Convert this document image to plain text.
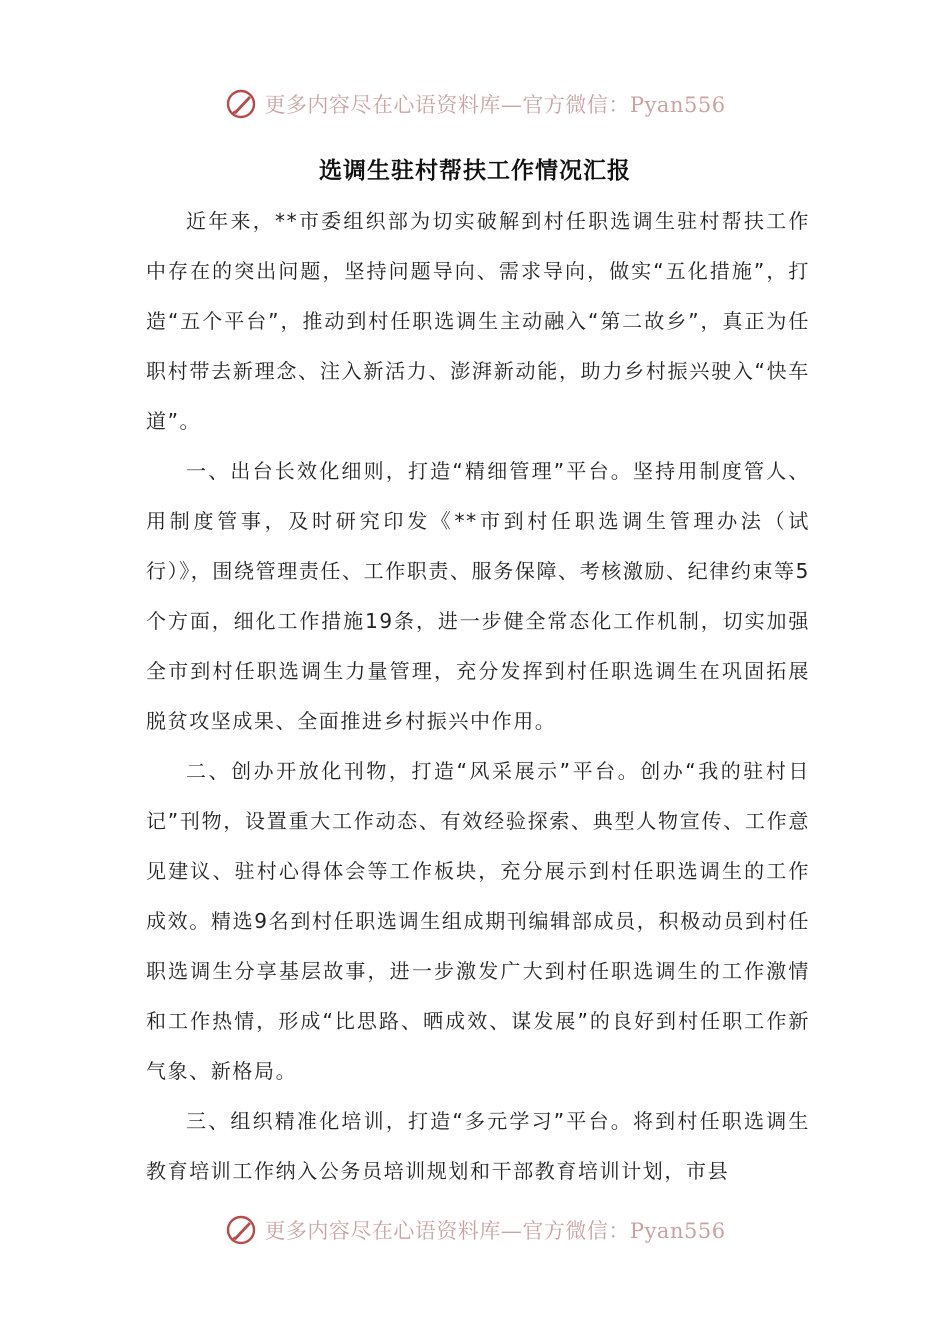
更多内容尽在心语资料库—官方微信：Pyan556
选调生驻村帮扶工作情况汇报

近年来，**市委组织部为切实破解到村任职选调生驻村帮扶工作中存在的突出问题，坚持问题导向、需求导向，做实“五化措施”，打造“五个平台”，推动到村任职选调生主动融入“第二故乡”，真正为任职村带去新理念、注入新活力、澎湃新动能，助力乡村振兴驶入“快车道”。

一、出台长效化细则，打造“精细管理”平台。坚持用制度管人、用制度管事，及时研究印发《**市到村任职选调生管理办法（试行）》，围绕管理责任、工作职责、服务保障、考核激励、纪律约束等5个方面，细化工作措施19条，进一步健全常态化工作机制，切实加强全市到村任职选调生力量管理，充分发挥到村任职选调生在巩固拓展脱贫攻坚成果、全面推进乡村振兴中作用。

二、创办开放化刊物，打造“风采展示”平台。创办“我的驻村日记”刊物，设置重大工作动态、有效经验探索、典型人物宣传、工作意见建议、驻村心得体会等工作板块，充分展示到村任职选调生的工作成效。精选9名到村任职选调生组成期刊编辑部成员，积极动员到村任职选调生分享基层故事，进一步激发广大到村任职选调生的工作激情和工作热情，形成“比思路、晒成效、谋发展”的良好到村任职工作新气象、新格局。

三、组织精准化培训，打造“多元学习”平台。将到村任职选调生教育培训工作纳入公务员培训规划和干部教育培训计划，市县

更多内容尽在心语资料库—官方微信：Pyan556
